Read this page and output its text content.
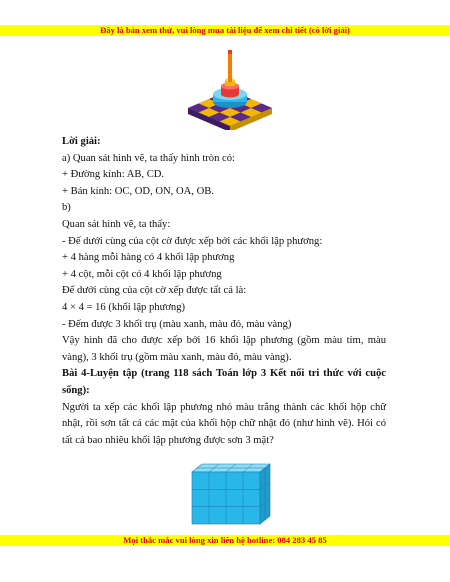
Đây là bản xem thử, vui lòng mua tài liệu để xem chi tiết (có lời giải)
Lời giải:
a) Quan sát hình vẽ, ta thấy hình tròn có:
+ Đường kính: AB, CD.
+ Bán kính: OC, OD, ON, OA, OB.
b)
Quan sát hình vẽ, ta thấy:
- Đế dưới cùng của cột cờ được xếp bởi các khối lập phương:
+ 4 hàng mỗi hàng có 4 khối lập phương
+ 4 cột, mỗi cột có 4 khối lập phương
Để dưới cùng của cột cờ xếp được tất cả là:
4 × 4 = 16 (khối lập phương)
- Đếm được 3 khối trụ (màu xanh, màu đỏ, màu vàng)
Vậy hình đã cho được xếp bởi 16 khối lập phương (gồm màu tím, màu vàng), 3 khối trụ (gồm màu xanh, màu đỏ, màu vàng).
Bài 4-Luyện tập (trang 118 sách Toán lớp 3 Kết nối tri thức với cuộc sống):
Người ta xếp các khối lập phương nhỏ màu trắng thành các khối hộp chữ nhật, rồi sơn tất cả các mặt của khối hộp chữ nhật đó (như hình vẽ). Hỏi có tất cả bao nhiêu khối lập phương được sơn 3 mặt?
Mọi thắc mắc vui lòng xin liên hệ hotline: 084 283 45 85
